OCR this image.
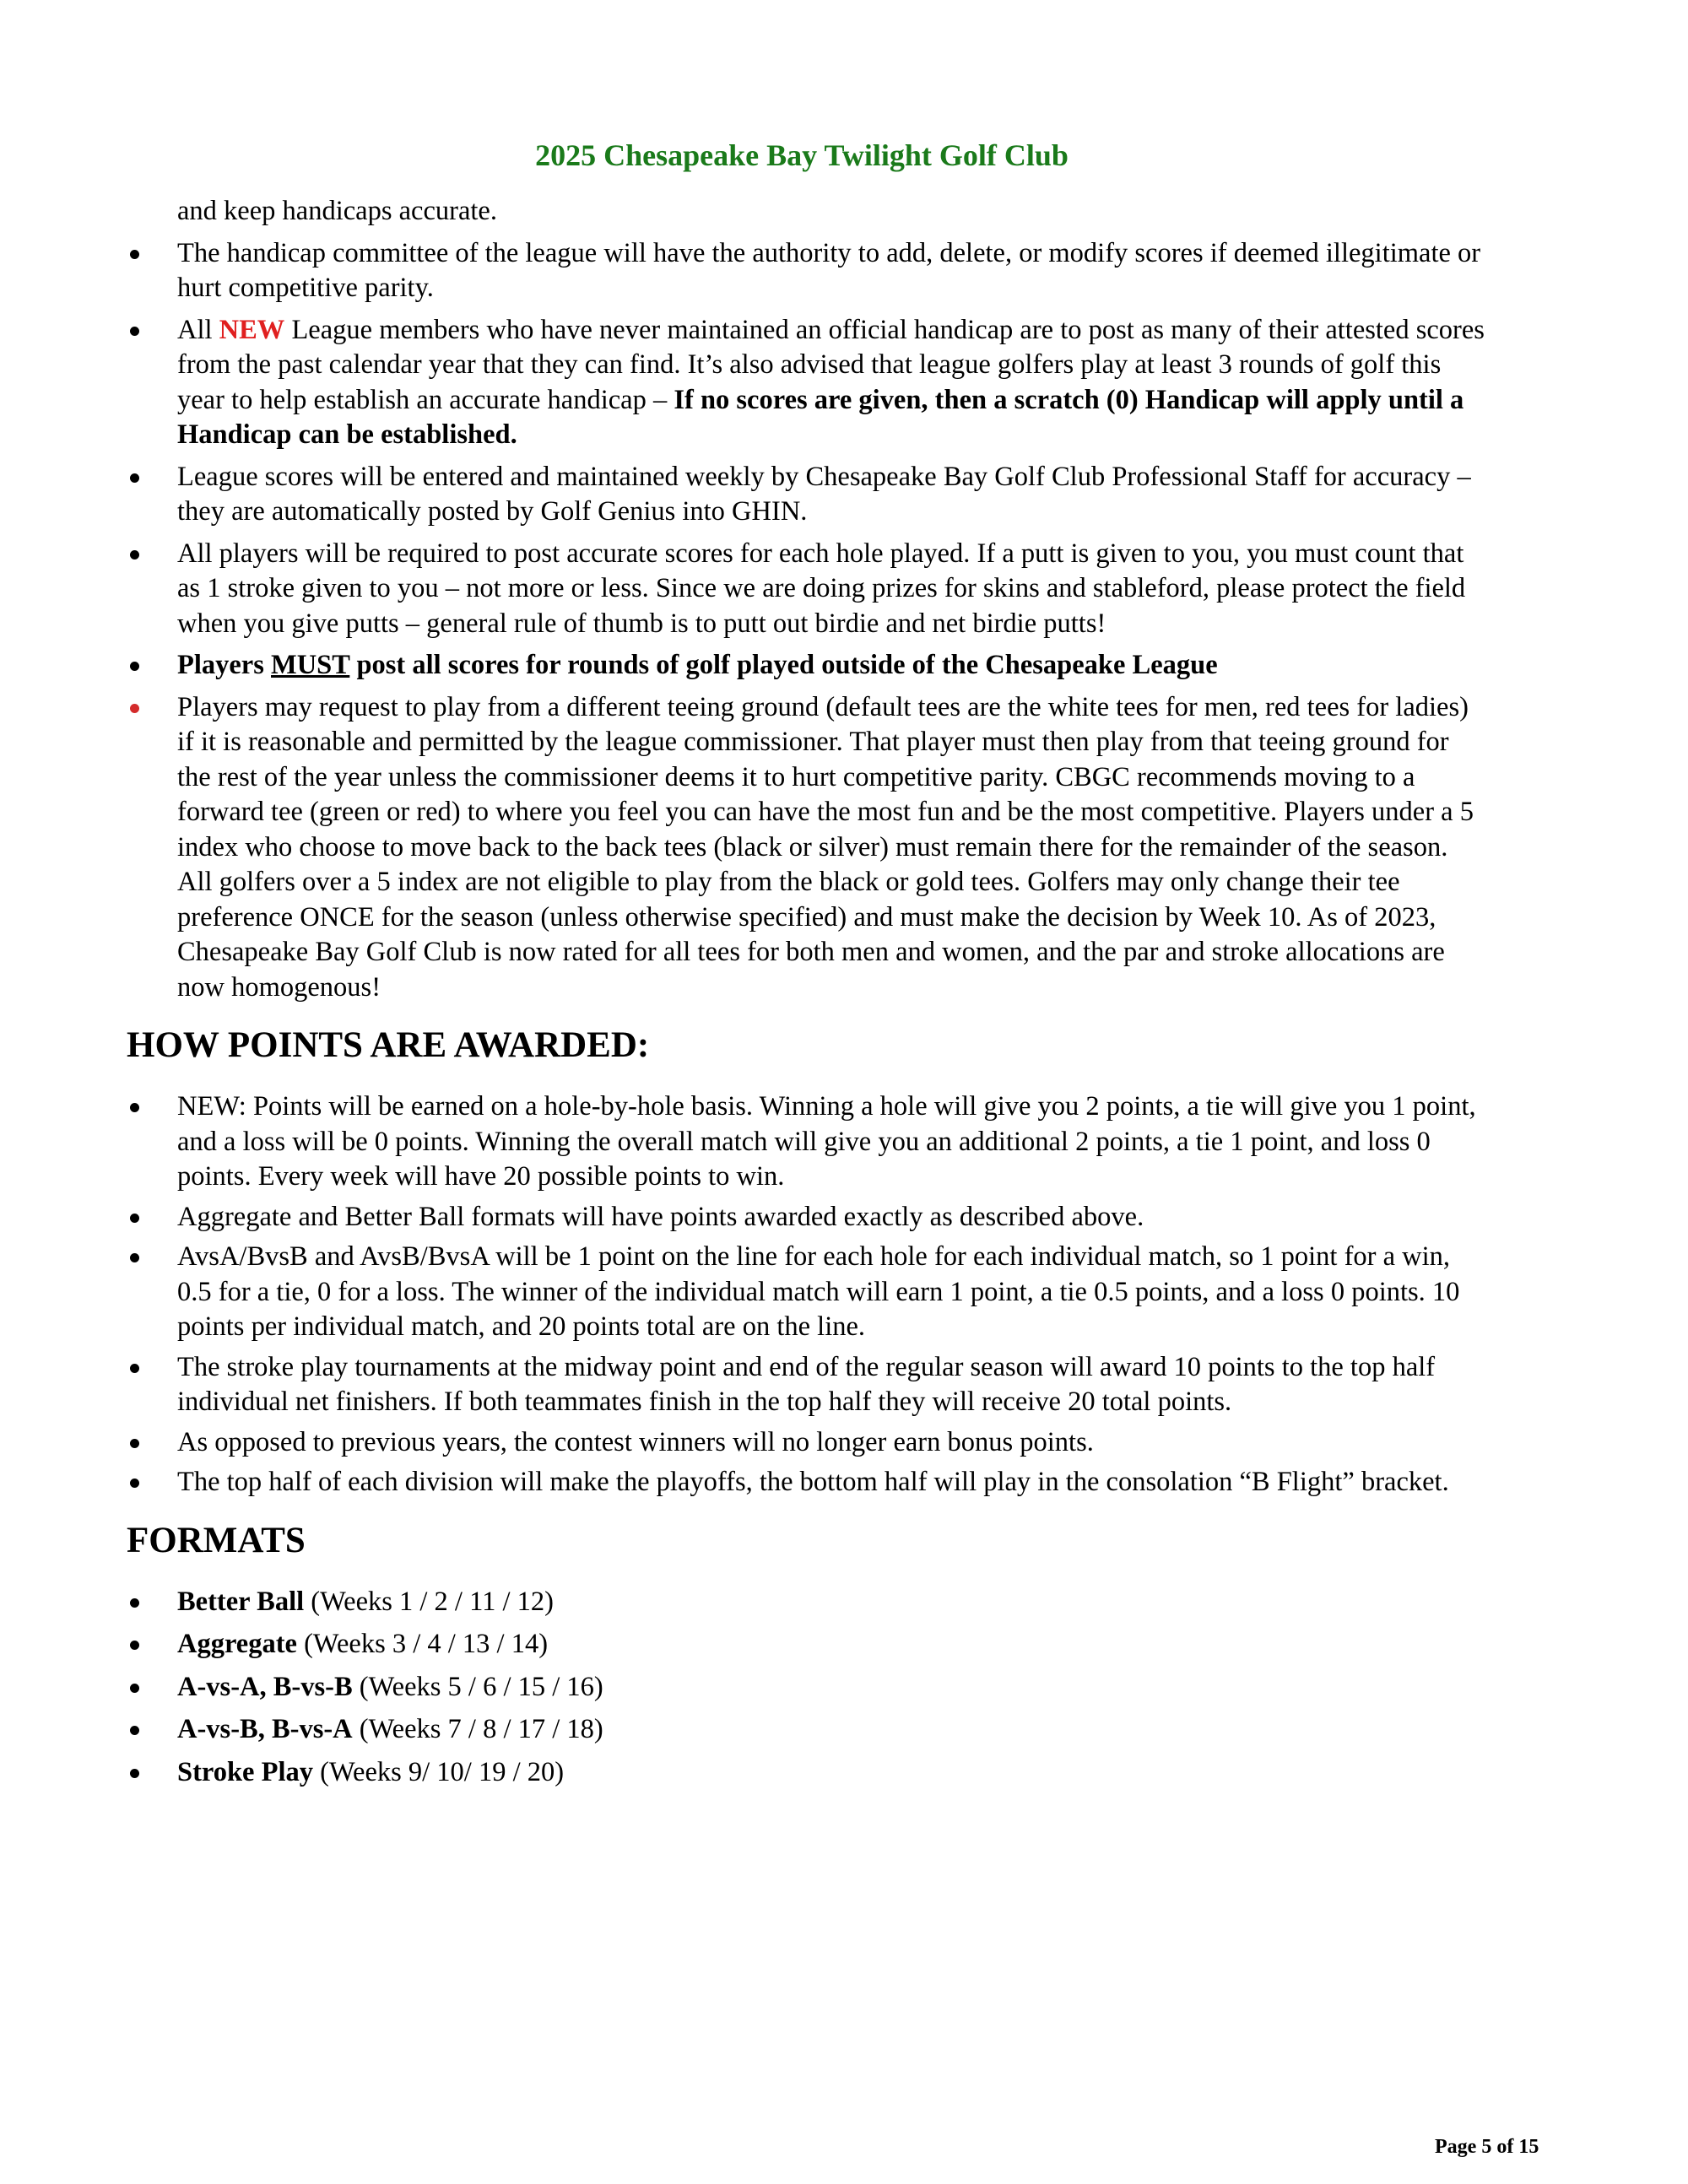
2025 Chesapeake Bay Twilight Golf Club
and keep handicaps accurate.
The handicap committee of the league will have the authority to add, delete, or modify scores if deemed illegitimate or hurt competitive parity.
All NEW League members who have never maintained an official handicap are to post as many of their attested scores from the past calendar year that they can find. It’s also advised that league golfers play at least 3 rounds of golf this year to help establish an accurate handicap – If no scores are given, then a scratch (0) Handicap will apply until a Handicap can be established.
League scores will be entered and maintained weekly by Chesapeake Bay Golf Club Professional Staff for accuracy – they are automatically posted by Golf Genius into GHIN.
All players will be required to post accurate scores for each hole played. If a putt is given to you, you must count that as 1 stroke given to you – not more or less. Since we are doing prizes for skins and stableford, please protect the field when you give putts – general rule of thumb is to putt out birdie and net birdie putts!
Players MUST post all scores for rounds of golf played outside of the Chesapeake League
Players may request to play from a different teeing ground (default tees are the white tees for men, red tees for ladies) if it is reasonable and permitted by the league commissioner. That player must then play from that teeing ground for the rest of the year unless the commissioner deems it to hurt competitive parity. CBGC recommends moving to a forward tee (green or red) to where you feel you can have the most fun and be the most competitive. Players under a 5 index who choose to move back to the back tees (black or silver) must remain there for the remainder of the season. All golfers over a 5 index are not eligible to play from the black or gold tees. Golfers may only change their tee preference ONCE for the season (unless otherwise specified) and must make the decision by Week 10. As of 2023, Chesapeake Bay Golf Club is now rated for all tees for both men and women, and the par and stroke allocations are now homogenous!
HOW POINTS ARE AWARDED:
NEW: Points will be earned on a hole-by-hole basis. Winning a hole will give you 2 points, a tie will give you 1 point, and a loss will be 0 points. Winning the overall match will give you an additional 2 points, a tie 1 point, and loss 0 points. Every week will have 20 possible points to win.
Aggregate and Better Ball formats will have points awarded exactly as described above.
AvsA/BvsB and AvsB/BvsA will be 1 point on the line for each hole for each individual match, so 1 point for a win, 0.5 for a tie, 0 for a loss. The winner of the individual match will earn 1 point, a tie 0.5 points, and a loss 0 points. 10 points per individual match, and 20 points total are on the line.
The stroke play tournaments at the midway point and end of the regular season will award 10 points to the top half individual net finishers. If both teammates finish in the top half they will receive 20 total points.
As opposed to previous years, the contest winners will no longer earn bonus points.
The top half of each division will make the playoffs, the bottom half will play in the consolation “B Flight” bracket.
FORMATS
Better Ball (Weeks 1 / 2 / 11 / 12)
Aggregate (Weeks 3 / 4 / 13 / 14)
A-vs-A, B-vs-B (Weeks 5 / 6 / 15 / 16)
A-vs-B, B-vs-A (Weeks 7 / 8 / 17 / 18)
Stroke Play (Weeks 9/ 10/ 19 / 20)
Page 5 of 15
